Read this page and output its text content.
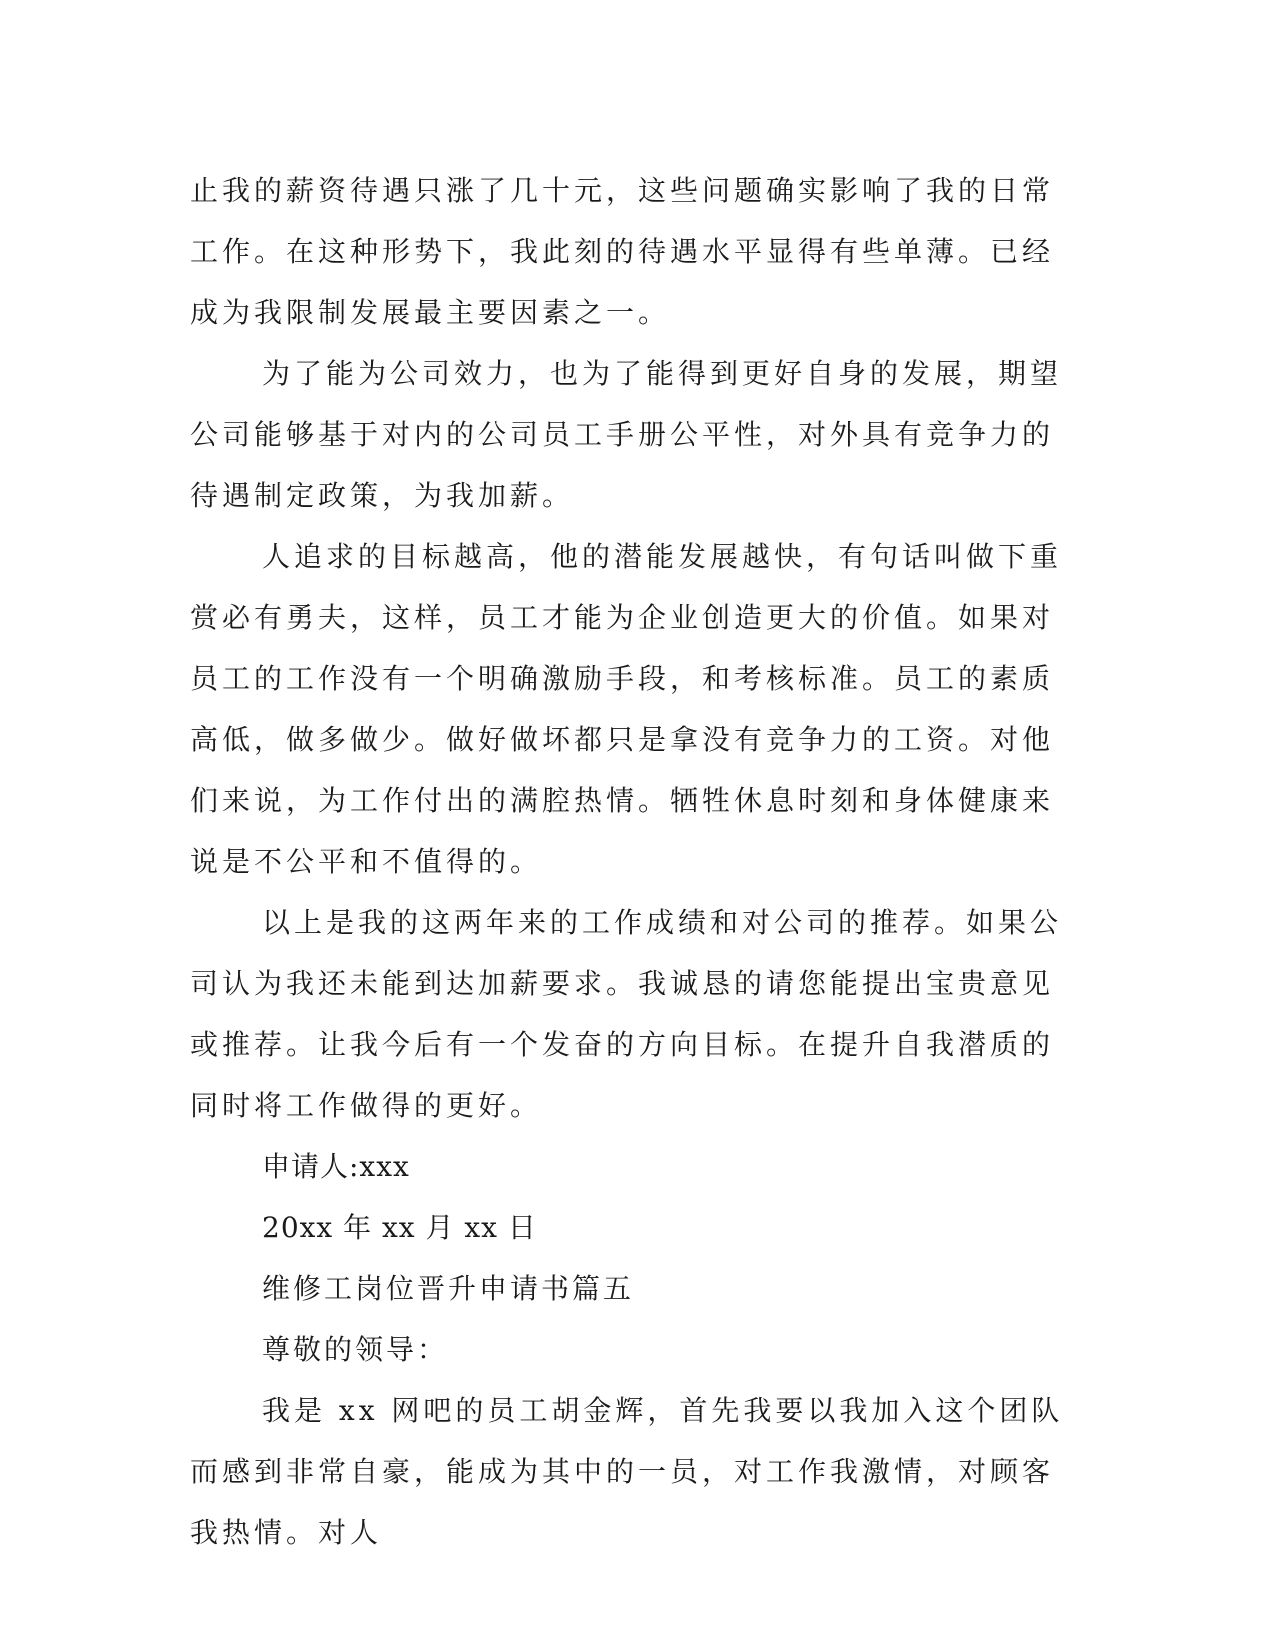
止我的薪资待遇只涨了几十元，这些问题确实影响了我的日常工作。在这种形势下，我此刻的待遇水平显得有些单薄。已经成为我限制发展最主要因素之一。

为了能为公司效力，也为了能得到更好自身的发展，期望公司能够基于对内的公司员工手册公平性，对外具有竞争力的待遇制定政策，为我加薪。

人追求的目标越高，他的潜能发展越快，有句话叫做下重赏必有勇夫，这样，员工才能为企业创造更大的价值。如果对员工的工作没有一个明确激励手段，和考核标准。员工的素质高低，做多做少。做好做坏都只是拿没有竞争力的工资。对他们来说，为工作付出的满腔热情。牺牲休息时刻和身体健康来说是不公平和不值得的。

以上是我的这两年来的工作成绩和对公司的推荐。如果公司认为我还未能到达加薪要求。我诚恳的请您能提出宝贵意见或推荐。让我今后有一个发奋的方向目标。在提升自我潜质的同时将工作做得的更好。

申请人:xxx

20xx 年 xx 月 xx 日

维修工岗位晋升申请书篇五

尊敬的领导：

我是 xx 网吧的员工胡金辉，首先我要以我加入这个团队而感到非常自豪，能成为其中的一员，对工作我激情，对顾客我热情。对人
